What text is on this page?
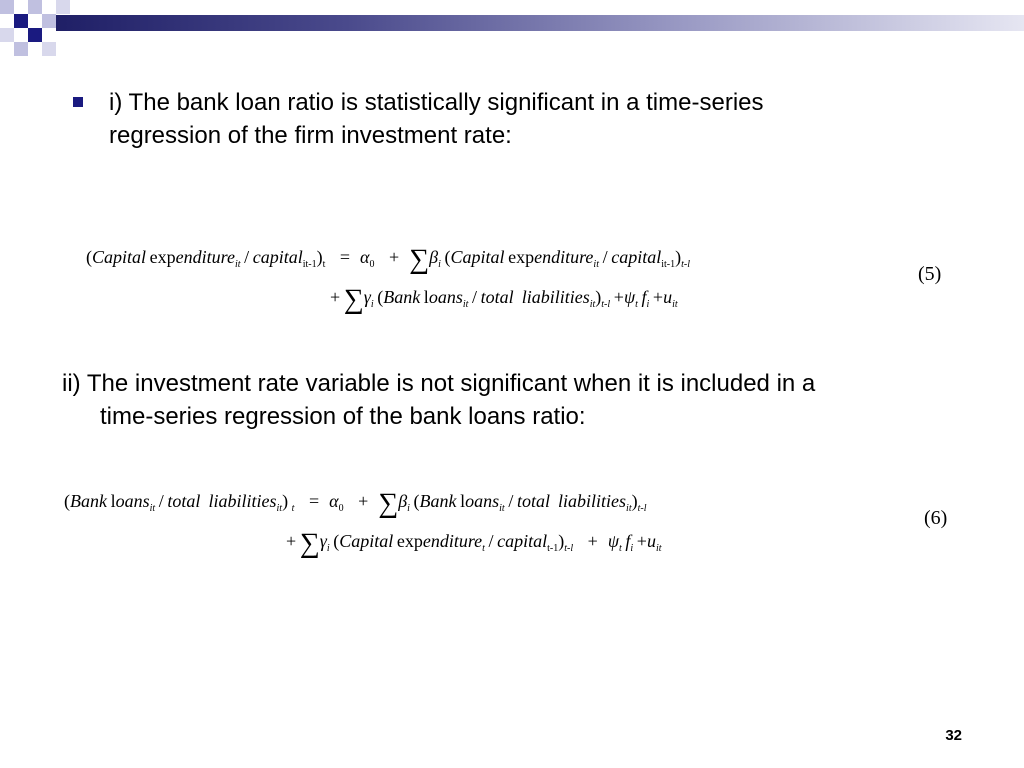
i) The bank loan ratio is statistically significant in a time-series
regression of the firm investment rate:
(Capital expenditure$_{it}$ / $capital_{it-1})_t = \alpha_0 + \sum\beta_i$ (Capital expenditure$_{it}$ / $capital_{it-1})_{t-l}$
+ $\sum\gamma_i$ (Bank loans$_{it}$ / total  $liabilities_{it})_{t-l} +\psi_t$  $f_i +u_{it}$
(5)
ii) The investment rate variable is not significant when it is included in a
time-series regression of the bank loans ratio:
(Bank loans$_{it}$ / total  liabilities$_{it}$) $_t = \alpha_0 + \sum\beta_i$ (Bank loans$_{it}$ / total  $liabilities_{it})_{t-l}$
+ $\sum\gamma_i$ (Capital expenditure$_t$ / $capital_{t-1})_{t-l} + \psi_t$  $f_i +u_{it}$
(6)
32
